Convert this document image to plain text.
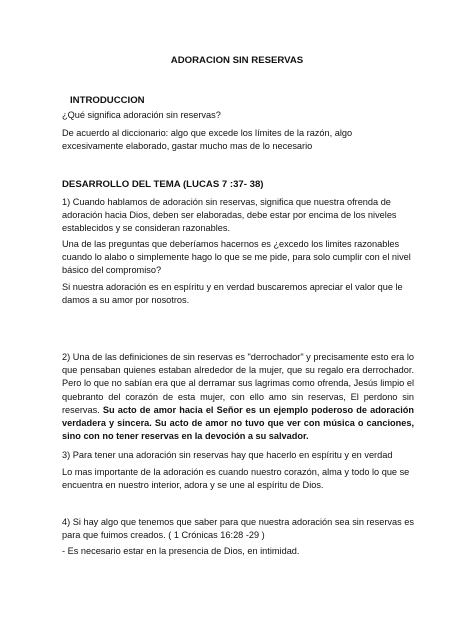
ADORACION SIN RESERVAS
INTRODUCCION
¿Qué significa adoración sin reservas?
De acuerdo al diccionario: algo que excede los límites de la razón, algo excesivamente elaborado, gastar mucho mas de lo necesario
DESARROLLO DEL TEMA (LUCAS 7 :37- 38)
1) Cuando hablamos de adoración sin reservas, significa que nuestra ofrenda de adoración hacia Dios, deben ser elaboradas, debe estar por encima de los niveles establecidos y se consideran razonables.
Una de las preguntas que deberíamos hacernos es ¿excedo los limites razonables cuando lo alabo o simplemente hago lo que se me pide, para solo cumplir con el nivel básico del compromiso?
Si nuestra adoración es en espíritu y en verdad buscaremos apreciar el valor que le damos a su amor por nosotros.
2) Una de las definiciones de sin reservas es "derrochador" y precisamente esto era lo que pensaban quienes estaban alrededor de la mujer, que su regalo era derrochador. Pero lo que no sabían era que al derramar sus lagrimas como ofrenda, Jesús limpio el quebranto del corazón de esta mujer, con ello amo sin reservas, El perdono sin reservas. Su acto de amor hacia el Señor es un ejemplo poderoso de adoración verdadera y sincera. Su acto de amor no tuvo que ver con música o canciones, sino con no tener reservas en la devoción a su salvador.
3) Para tener una adoración sin reservas hay que hacerlo en espíritu y en verdad
Lo mas importante de la adoración es cuando nuestro corazón, alma y todo lo que se encuentra en nuestro interior, adora y se une al espíritu de Dios.
4) Si hay algo que tenemos que saber para que nuestra adoración sea sin reservas es para que fuimos creados. ( 1 Crónicas 16:28 -29 )
- Es necesario estar en la presencia de Dios, en intimidad.
